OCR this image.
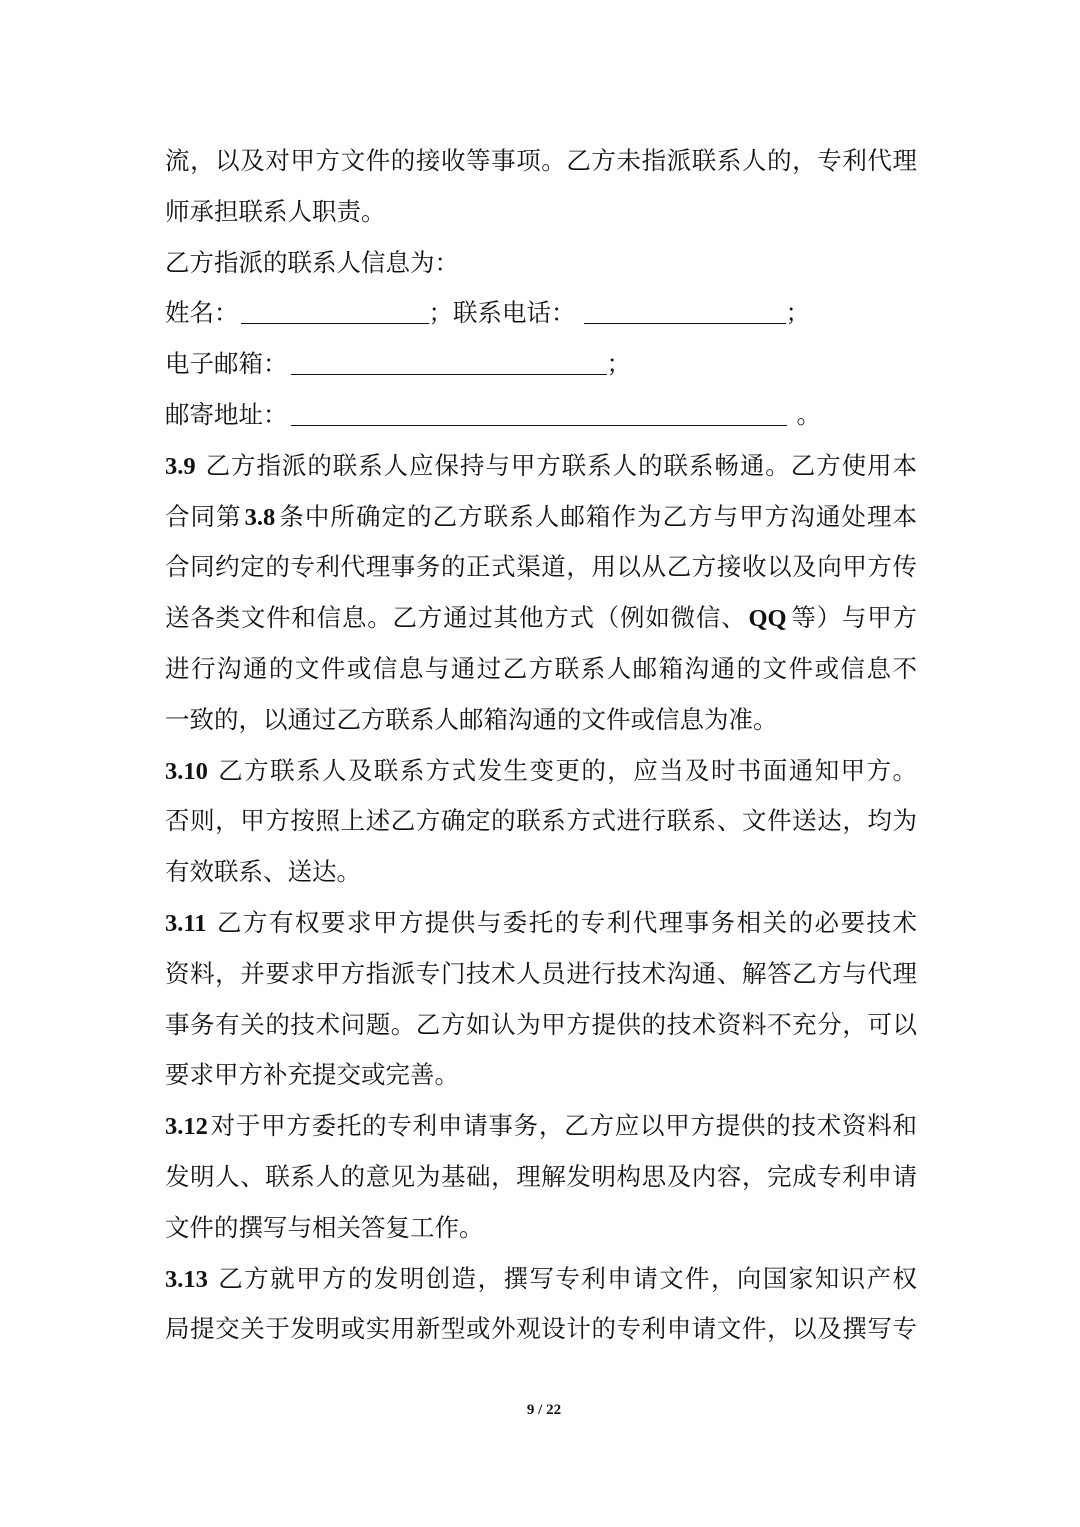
流，以及对甲方文件的接收等事项。乙方未指派联系人的，专利代理
师承担联系人职责。
乙方指派的联系人信息为：
姓名：	；联系电话：	；
电子邮箱：	；
邮寄地址：	。
3.9 乙方指派的联系人应保持与甲方联系人的联系畅通。乙方使用本
合同第 3.8 条中所确定的乙方联系人邮箱作为乙方与甲方沟通处理本
合同约定的专利代理事务的正式渠道，用以从乙方接收以及向甲方传
送各类文件和信息。乙方通过其他方式（例如微信、QQ 等）与甲方
进行沟通的文件或信息与通过乙方联系人邮箱沟通的文件或信息不
一致的，以通过乙方联系人邮箱沟通的文件或信息为准。
3.10 乙方联系人及联系方式发生变更的，应当及时书面通知甲方。
否则，甲方按照上述乙方确定的联系方式进行联系、文件送达，均为
有效联系、送达。
3.11 乙方有权要求甲方提供与委托的专利代理事务相关的必要技术
资料，并要求甲方指派专门技术人员进行技术沟通、解答乙方与代理
事务有关的技术问题。乙方如认为甲方提供的技术资料不充分，可以
要求甲方补充提交或完善。
3.12对于甲方委托的专利申请事务，乙方应以甲方提供的技术资料和
发明人、联系人的意见为基础，理解发明构思及内容，完成专利申请
文件的撰写与相关答复工作。
3.13 乙方就甲方的发明创造，撰写专利申请文件，向国家知识产权
局提交关于发明或实用新型或外观设计的专利申请文件，以及撰写专
9 / 22
